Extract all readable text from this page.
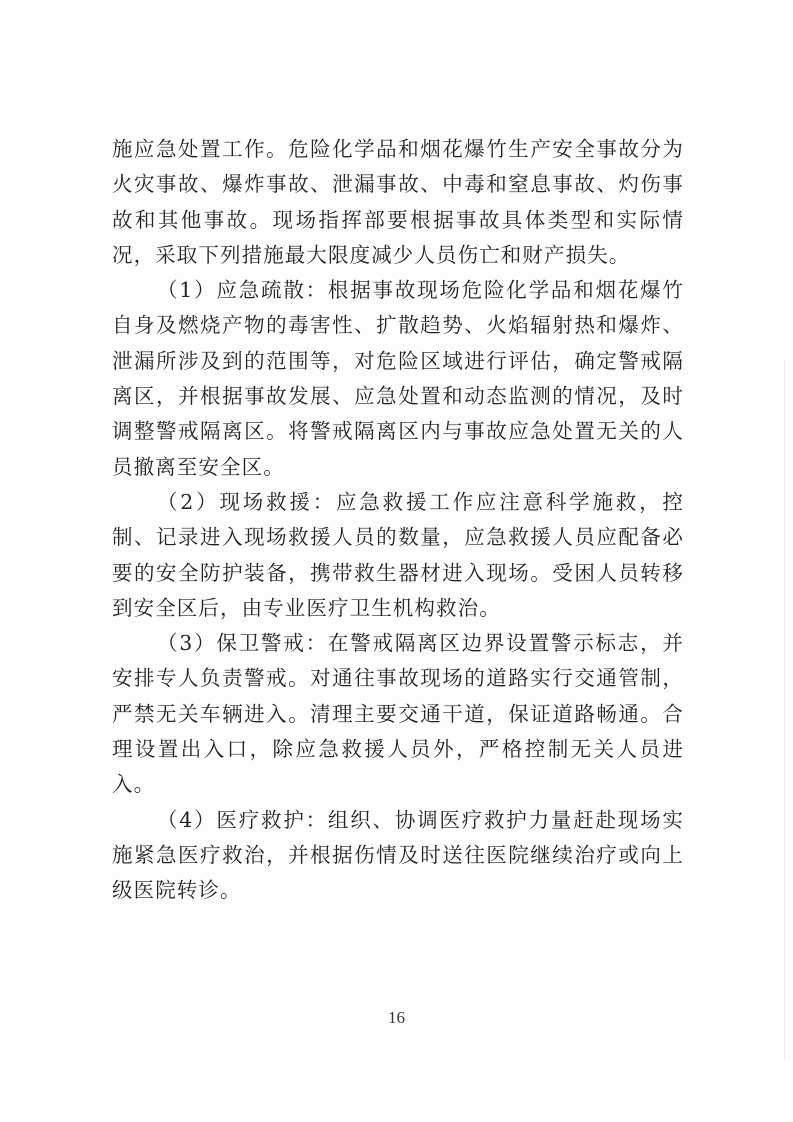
施应急处置工作。危险化学品和烟花爆竹生产安全事故分为火灾事故、爆炸事故、泄漏事故、中毒和窒息事故、灼伤事故和其他事故。现场指挥部要根据事故具体类型和实际情况，采取下列措施最大限度减少人员伤亡和财产损失。

（1）应急疏散：根据事故现场危险化学品和烟花爆竹自身及燃烧产物的毒害性、扩散趋势、火焰辐射热和爆炸、泄漏所涉及到的范围等，对危险区域进行评估，确定警戒隔离区，并根据事故发展、应急处置和动态监测的情况，及时调整警戒隔离区。将警戒隔离区内与事故应急处置无关的人员撤离至安全区。

（2）现场救援：应急救援工作应注意科学施救，控制、记录进入现场救援人员的数量，应急救援人员应配备必要的安全防护装备，携带救生器材进入现场。受困人员转移到安全区后，由专业医疗卫生机构救治。

（3）保卫警戒：在警戒隔离区边界设置警示标志，并安排专人负责警戒。对通往事故现场的道路实行交通管制，严禁无关车辆进入。清理主要交通干道，保证道路畅通。合理设置出入口，除应急救援人员外，严格控制无关人员进入。

（4）医疗救护：组织、协调医疗救护力量赶赴现场实施紧急医疗救治，并根据伤情及时送往医院继续治疗或向上级医院转诊。

16
